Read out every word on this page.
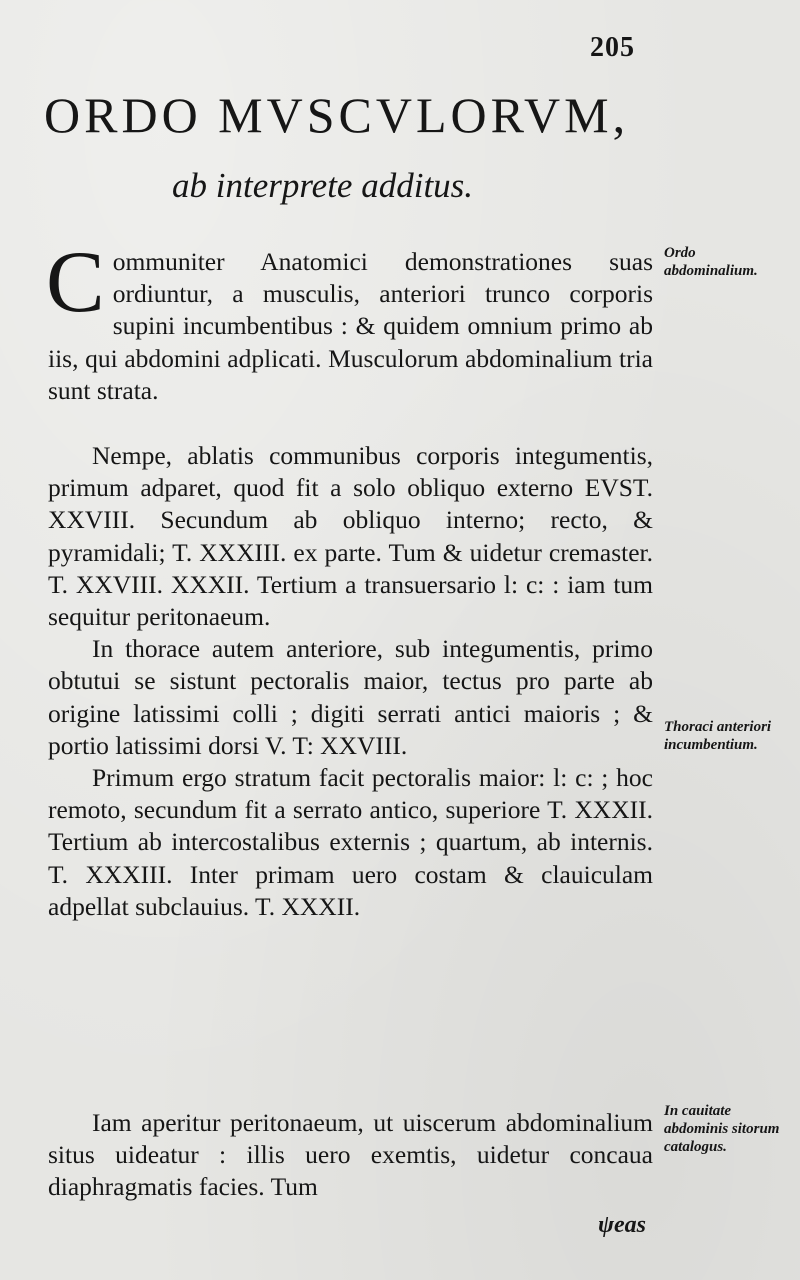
205
ORDO MVSCVLORVM,
ab interprete additus.

Communiter Anatomici demonstrationes suas ordiuntur, a musculis, anteriori trunco corporis supini incumbentibus : & quidem omnium primo ab iis, qui abdomini adplicati. Musculorum abdominalium tria sunt strata.

Nempe, ablatis communibus corporis integumentis, primum adparet, quod fit a solo obliquo externo EVST. XXVIII. Secundum ab obliquo interno; recto, & pyramidali; T. XXXIII. ex parte. Tum & uidetur cremaster. T. XXVIII. XXXII. Tertium a transuersario l: c: : iam tum sequitur peritonaeum.

In thorace autem anteriore, sub integumentis, primo obtutui se sistunt pectoralis maior, tectus pro parte ab origine latissimi colli ; digiti serrati antici maioris ; & portio latissimi dorsi V. T: XXVIII.

Primum ergo stratum facit pectoralis maior: l: c: ; hoc remoto, secundum fit a serrato antico, superiore T. XXXII. Tertium ab intercostalibus externis ; quartum, ab internis. T. XXXIII. Inter primam uero costam & clauiculam adpellat subclauius. T. XXXII.

Iam aperitur peritonaeum, ut uiscerum abdominalium situs uideatur : illis uero exemtis, uidetur concaua diaphragmatis facies. Tum

Ordo abdominalium.
Thoraci anteriori incumbentium.
In cauitate abdominis sitorum catalogus.
ψeas
